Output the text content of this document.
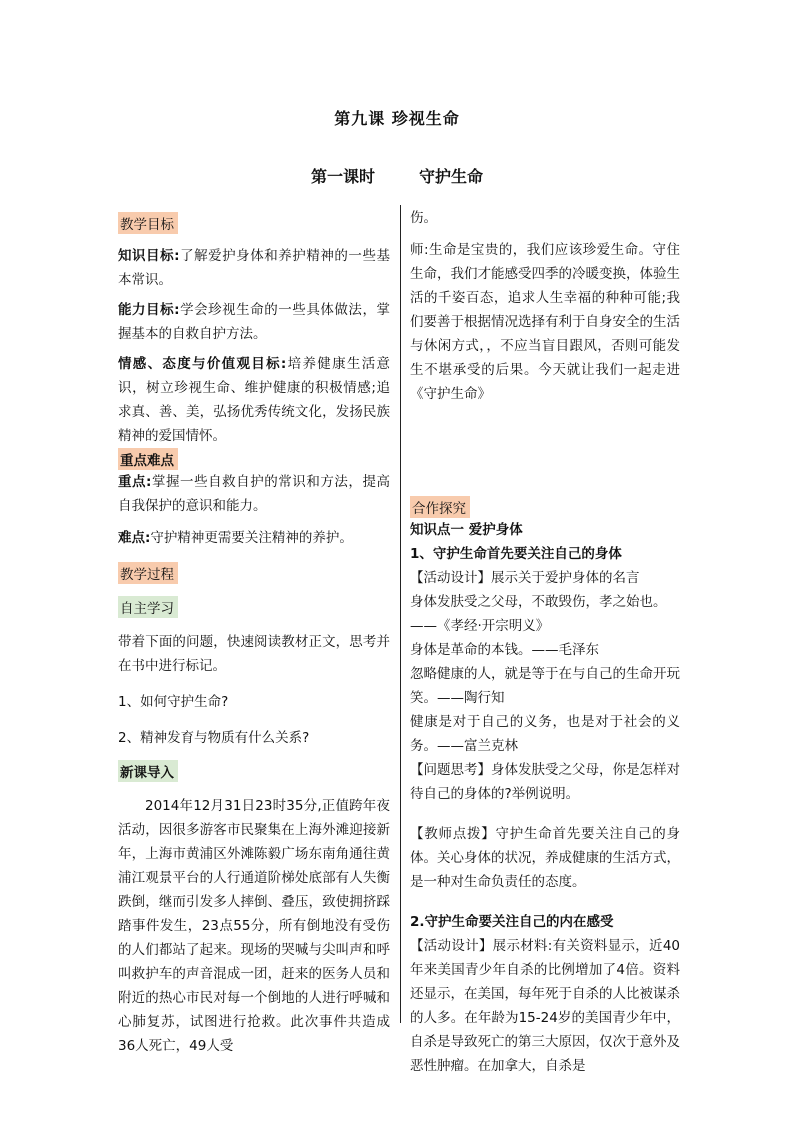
第九课 珍视生命
第一课时	守护生命
教学目标

知识目标:了解爱护身体和养护精神的一些基本常识。

能力目标:学会珍视生命的一些具体做法，掌握基本的自救自护方法。

情感、态度与价值观目标:培养健康生活意识，树立珍视生命、维护健康的积极情感;追求真、善、美，弘扬优秀传统文化，发扬民族精神的爱国情怀。

重点难点

重点:掌握一些自救自护的常识和方法，提高自我保护的意识和能力。

难点:守护精神更需要关注精神的养护。

教学过程
自主学习

带着下面的问题，快速阅读教材正文，思考并在书中进行标记。

1、如何守护生命?

2、精神发育与物质有什么关系?

新课导入

2014年12月31日23时35分,正值跨年夜活动，因很多游客市民聚集在上海外滩迎接新年，上海市黄浦区外滩陈毅广场东南角通往黄浦江观景平台的人行通道阶梯处底部有人失衡跌倒，继而引发多人摔倒、叠压，致使拥挤踩踏事件发生，23点55分，所有倒地没有受伤的人们都站了起来。现场的哭喊与尖叫声和呼叫救护车的声音混成一团，赶来的医务人员和附近的热心市民对每一个倒地的人进行呼喊和心肺复苏，试图进行抢救。此次事件共造成36人死亡，49人受

伤。

师:生命是宝贵的，我们应该珍爱生命。守住生命，我们才能感受四季的冷暖变换，体验生活的千姿百态，追求人生幸福的种种可能;我们要善于根据情况选择有利于自身安全的生活与休闲方式，，不应当盲目跟风，否则可能发生不堪承受的后果。今天就让我们一起走进《守护生命》

合作探究
知识点一 爱护身体
1、守护生命首先要关注自己的身体

【活动设计】展示关于爱护身体的名言

身体发肤受之父母，不敢毁伤，孝之始也。

——《孝经·开宗明义》

身体是革命的本钱。——毛泽东

忽略健康的人，就是等于在与自己的生命开玩笑。——陶行知

健康是对于自己的义务，也是对于社会的义务。——富兰克林

【问题思考】身体发肤受之父母，你是怎样对待自己的身体的?举例说明。

【教师点拨】守护生命首先要关注自己的身体。关心身体的状况，养成健康的生活方式，是一种对生命负责任的态度。

2.守护生命要关注自己的内在感受

【活动设计】展示材料:有关资料显示，近40年来美国青少年自杀的比例增加了4倍。资料还显示，在美国，每年死于自杀的人比被谋杀的人多。在年龄为15-24岁的美国青少年中，自杀是导致死亡的第三大原因，仅次于意外及恶性肿瘤。在加拿大，自杀是
